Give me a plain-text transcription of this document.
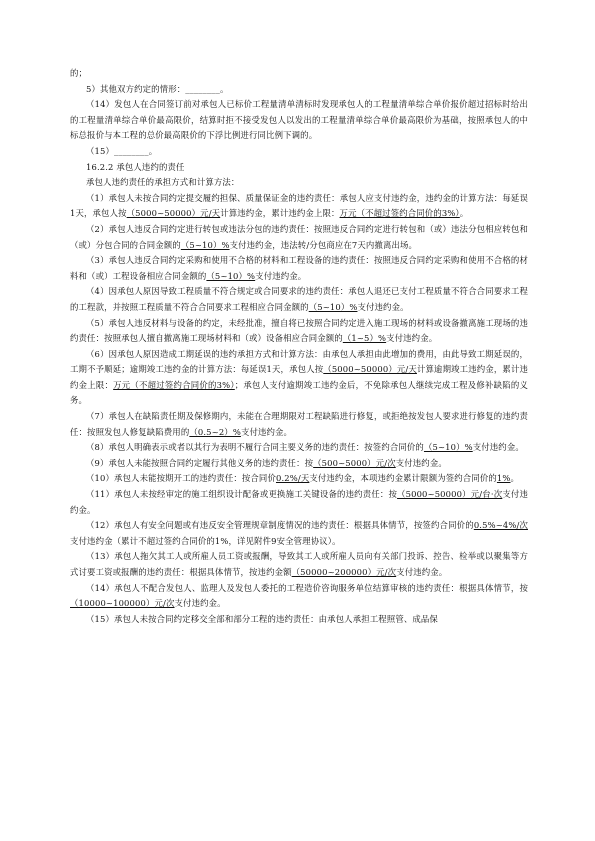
的；

5）其他双方约定的情形：________。

（14）发包人在合同签订前对承包人已标价工程量清单清标时发现承包人的工程量清单综合单价报价超过招标时给出的工程量清单综合单价最高限价，结算时拒不接受发包人以发出的工程量清单综合单价最高限价为基础，按照承包人的中标总报价与本工程的总价最高限价的下浮比例进行同比例下调的。

（15）________。

16.2.2 承包人违约的责任

承包人违约责任的承担方式和计算方法：

（1）承包人未按合同约定提交履约担保、质量保证金的违约责任：承包人应支付违约金，违约金的计算方法：每延误1天，承包人按（5000~50000）元/天计算违约金，累计违约金上限：万元（不超过签约合同价的3%）。

（2）承包人违反合同约定进行转包或违法分包的违约责任：按照违反合同约定进行转包和（或）违法分包相应转包和（或）分包合同的合同金额的（5~10）%支付违约金，违法转/分包商应在7天内撤离出场。

（3）承包人违反合同约定采购和使用不合格的材料和工程设备的违约责任：按照违反合同约定采购和使用不合格的材料和（或）工程设备相应合同金额的（5~10）%支付违约金。

（4）因承包人原因导致工程质量不符合规定或合同要求的违约责任：承包人退还已支付工程质量不符合合同要求工程的工程款，并按照工程质量不符合合同要求工程相应合同金额的（5~10）%支付违约金。

（5）承包人违反材料与设备的约定，未经批准，擅自将已按照合同约定进入施工现场的材料或设备撤离施工现场的违约责任：按照承包人擅自撤离施工现场材料和（或）设备相应合同金额的（1~5）%支付违约金。

（6）因承包人原因造成工期延误的违约承担方式和计算方法：由承包人承担由此增加的费用，由此导致工期延误的，工期不予顺延；逾期竣工违约金的计算方法：每延误1天，承包人按（5000~50000）元/天计算逾期竣工违约金，累计违约金上限：万元（不超过签约合同价的3%）；承包人支付逾期竣工违约金后，不免除承包人继续完成工程及修补缺陷的义务。

（7）承包人在缺陷责任期及保修期内，未能在合理期限对工程缺陷进行修复，或拒绝按发包人要求进行修复的违约责任：按照发包人修复缺陷费用的（0.5~2）%支付违约金。

（8）承包人明确表示或者以其行为表明不履行合同主要义务的违约责任：按签约合同价的（5~10）%支付违约金。

（9）承包人未能按照合同约定履行其他义务的违约责任：按（500~5000）元/次支付违约金。

（10）承包人未能按期开工的违约责任：按合同价0.2%/天支付违约金，本项违约金累计限额为签约合同价的1%。

（11）承包人未按经审定的施工组织设计配备或更换施工关键设备的违约责任：按（5000~50000）元/台·次支付违约金。

（12）承包人有安全问题或有违反安全管理规章制度情况的违约责任：根据具体情节，按签约合同价的0.5%~4%/次支付违约金（累计不超过签约合同价的1%，详见附件9安全管理协议）。

（13）承包人拖欠其工人或所雇人员工资或报酬，导致其工人或所雇人员向有关部门投诉、控告、检举或以聚集等方式讨要工资或报酬的违约责任：根据具体情节，按违约金额（50000~200000）元/次支付违约金。

（14）承包人不配合发包人、监理人及发包人委托的工程造价咨询服务单位结算审核的违约责任：根据具体情节，按（10000~100000）元/次支付违约金。

（15）承包人未按合同约定移交全部和部分工程的违约责任：由承包人承担工程照管、成品保
